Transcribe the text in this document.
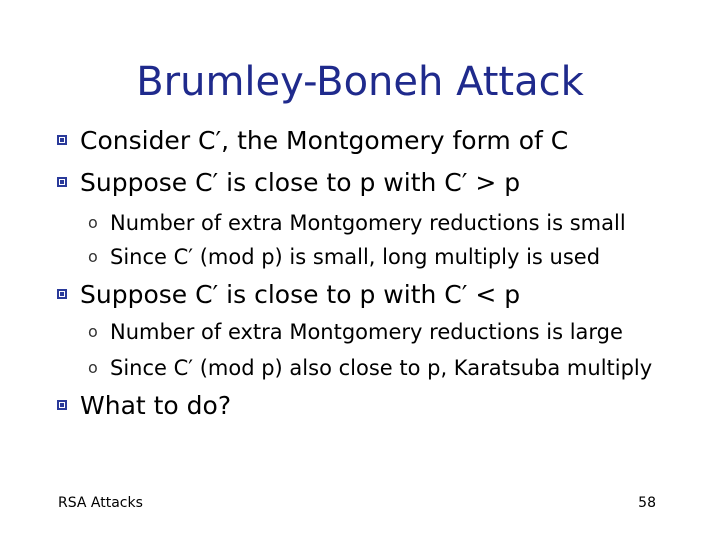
Brumley-Boneh Attack
Consider C′, the Montgomery form of C
Suppose C′ is close to p with C′ > p
o Number of extra Montgomery reductions is small
o Since C′ (mod p) is small, long multiply is used
Suppose C′ is close to p with C′ < p
o Number of extra Montgomery reductions is large
o Since C′ (mod p) also close to p, Karatsuba multiply
What to do?
RSA Attacks	58
